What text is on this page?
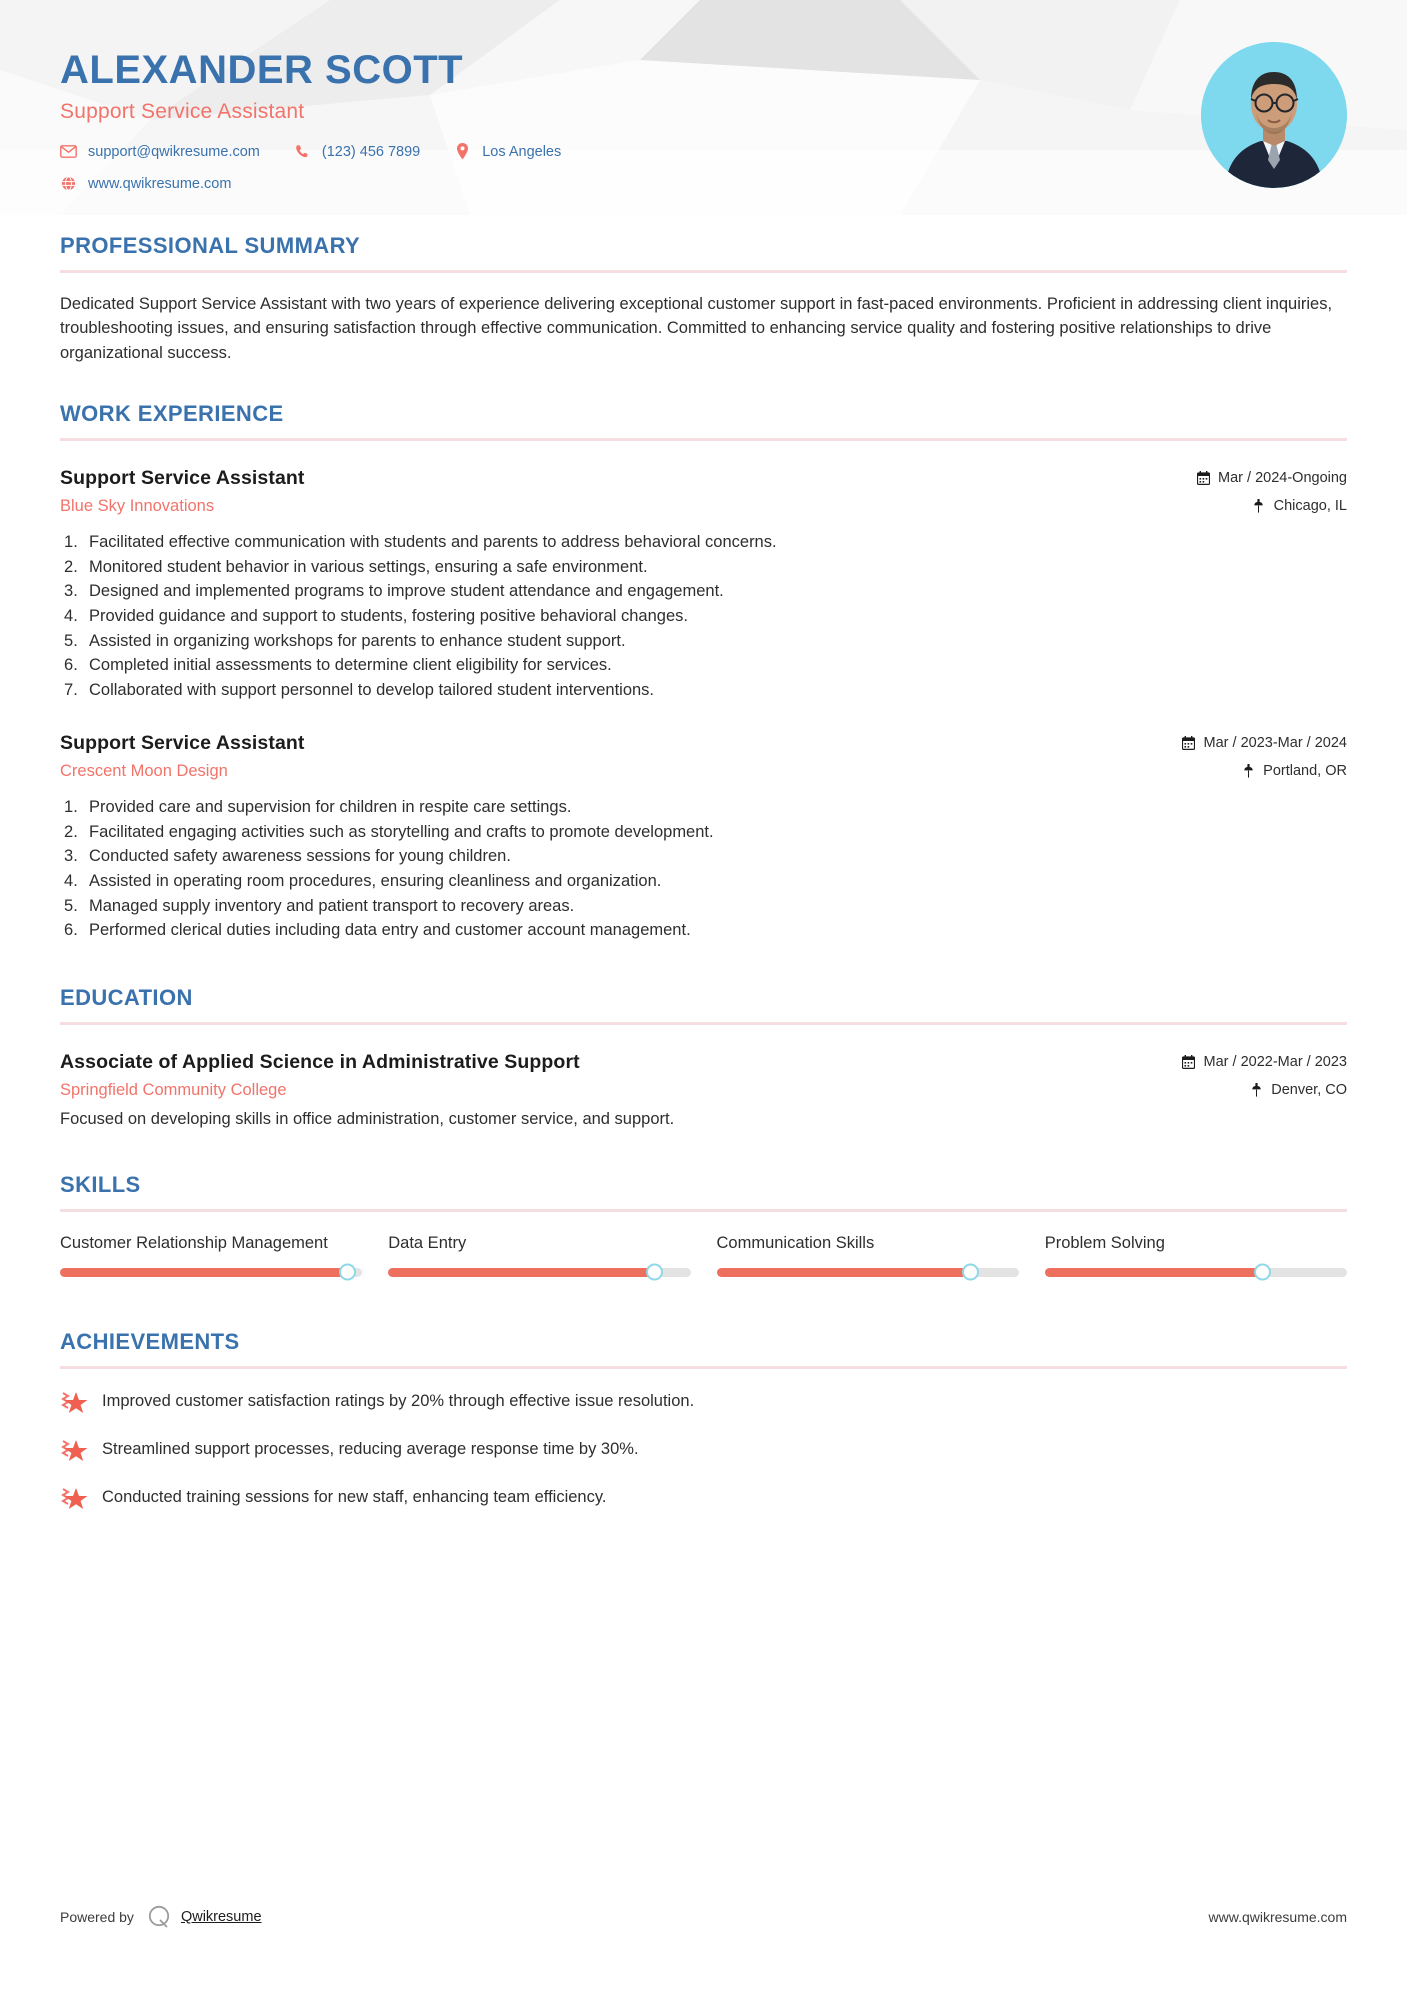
ALEXANDER SCOTT
Support Service Assistant
support@qwikresume.com	(123) 456 7899	Los Angeles
www.qwikresume.com
PROFESSIONAL SUMMARY
Dedicated Support Service Assistant with two years of experience delivering exceptional customer support in fast-paced environments. Proficient in addressing client inquiries, troubleshooting issues, and ensuring satisfaction through effective communication. Committed to enhancing service quality and fostering positive relationships to drive organizational success.
WORK EXPERIENCE
Support Service Assistant
Blue Sky Innovations
Mar / 2024-Ongoing
Chicago, IL
Facilitated effective communication with students and parents to address behavioral concerns.
Monitored student behavior in various settings, ensuring a safe environment.
Designed and implemented programs to improve student attendance and engagement.
Provided guidance and support to students, fostering positive behavioral changes.
Assisted in organizing workshops for parents to enhance student support.
Completed initial assessments to determine client eligibility for services.
Collaborated with support personnel to develop tailored student interventions.
Support Service Assistant
Crescent Moon Design
Mar / 2023-Mar / 2024
Portland, OR
Provided care and supervision for children in respite care settings.
Facilitated engaging activities such as storytelling and crafts to promote development.
Conducted safety awareness sessions for young children.
Assisted in operating room procedures, ensuring cleanliness and organization.
Managed supply inventory and patient transport to recovery areas.
Performed clerical duties including data entry and customer account management.
EDUCATION
Associate of Applied Science in Administrative Support
Springfield Community College
Mar / 2022-Mar / 2023
Denver, CO
Focused on developing skills in office administration, customer service, and support.
SKILLS
Customer Relationship Management	Data Entry	Communication Skills	Problem Solving
ACHIEVEMENTS
Improved customer satisfaction ratings by 20% through effective issue resolution.
Streamlined support processes, reducing average response time by 30%.
Conducted training sessions for new staff, enhancing team efficiency.
Powered by	Qwikresume	www.qwikresume.com
